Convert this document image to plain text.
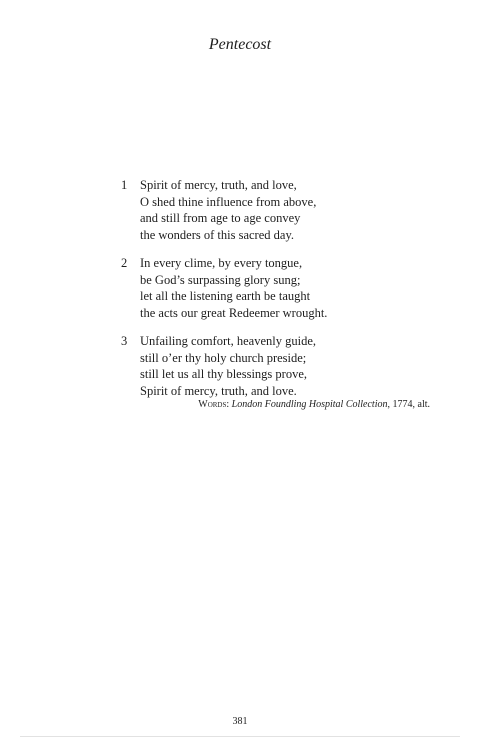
Pentecost
1 Spirit of mercy, truth, and love,
O shed thine influence from above,
and still from age to age convey
the wonders of this sacred day.
2 In every clime, by every tongue,
be God’s surpassing glory sung;
let all the listening earth be taught
the acts our great Redeemer wrought.
3 Unfailing comfort, heavenly guide,
still o’er thy holy church preside;
still let us all thy blessings prove,
Spirit of mercy, truth, and love.
Words: London Foundling Hospital Collection, 1774, alt.
381
